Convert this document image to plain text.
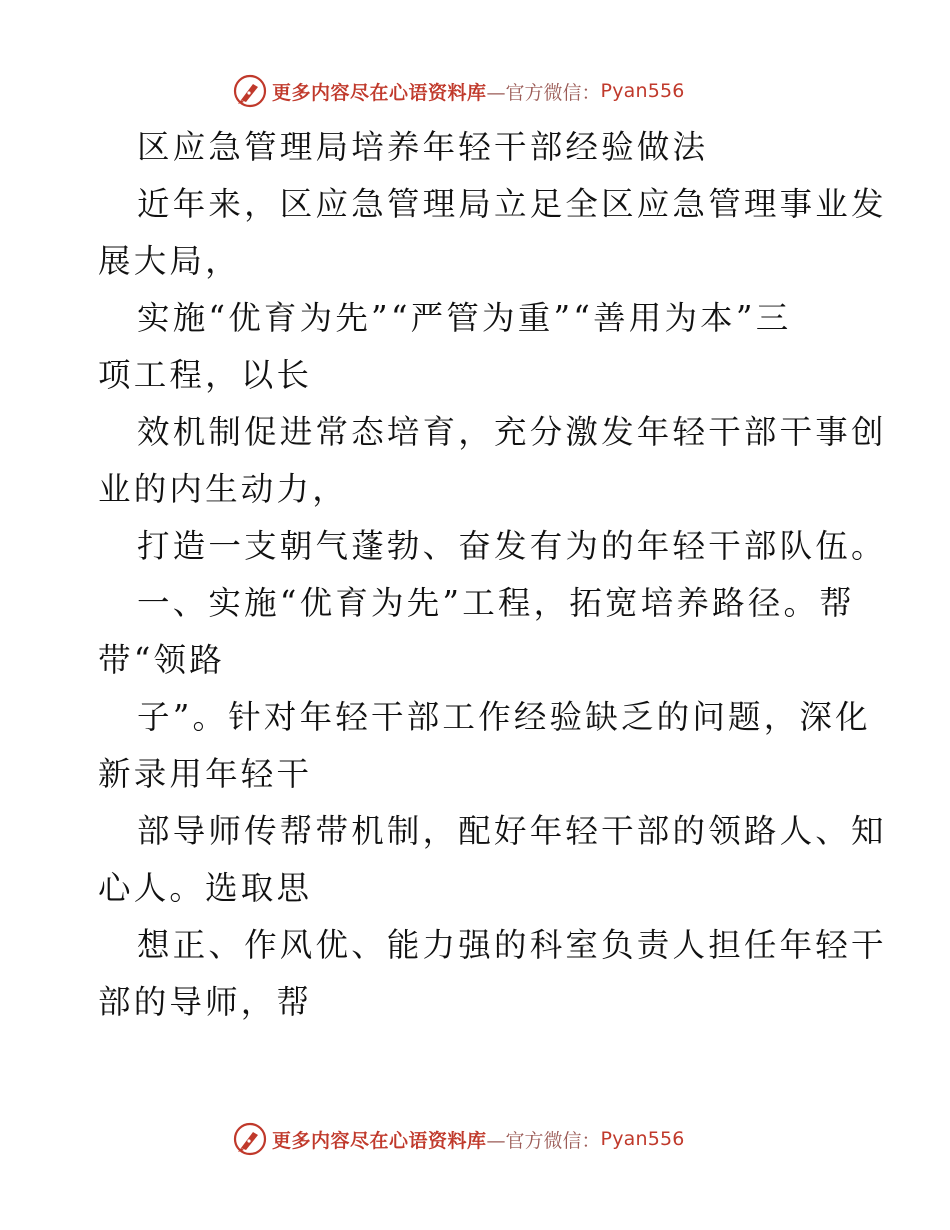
更多内容尽在心语资料库 —官方微信： Pyan556
区应急管理局培养年轻干部经验做法
近年来，区应急管理局立足全区应急管理事业发
展大局，
实施“优育为先”“严管为重”“善用为本”三
项工程，以长
效机制促进常态培育，充分激发年轻干部干事创
业的内生动力，
打造一支朝气蓬勃、奋发有为的年轻干部队伍。
一、实施“优育为先”工程，拓宽培养路径。帮
带“领路
子”。针对年轻干部工作经验缺乏的问题，深化
新录用年轻干
部导师传帮带机制，配好年轻干部的领路人、知
心人。选取思
想正、作风优、能力强的科室负责人担任年轻干
部的导师，帮
更多内容尽在心语资料库 —官方微信： Pyan556
